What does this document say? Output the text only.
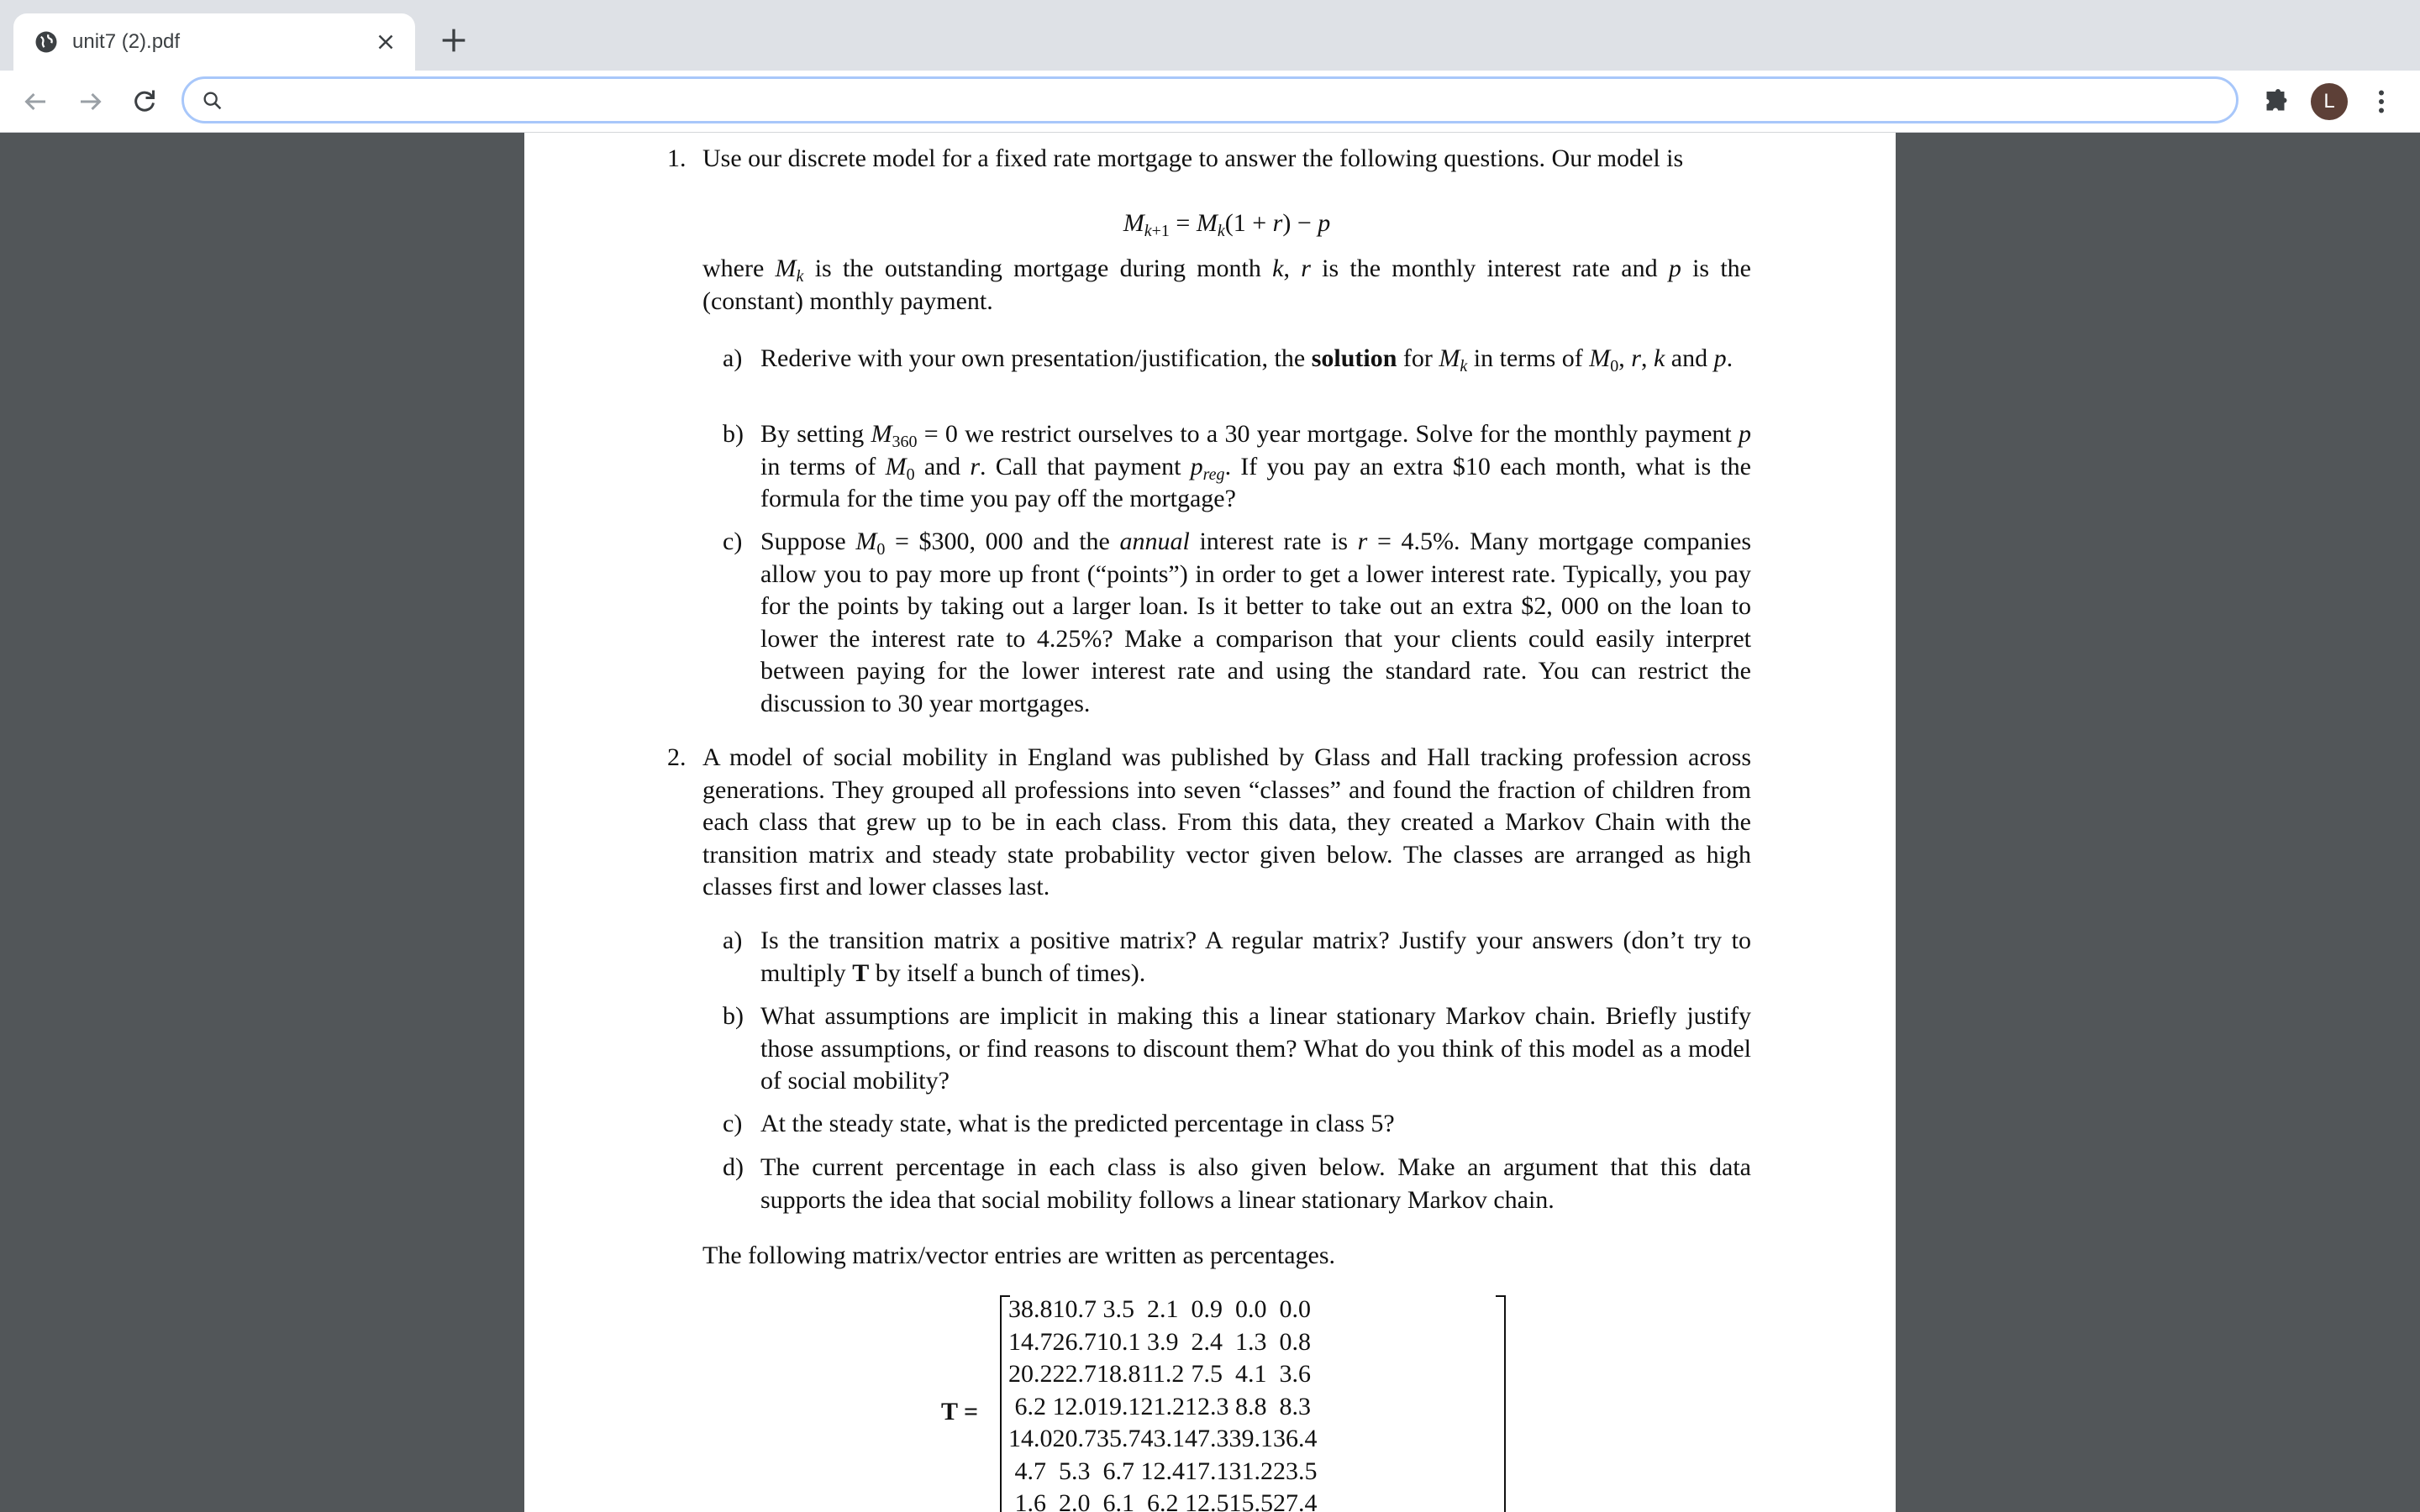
unit7 (2).pdf
L
1. Use our discrete model for a fixed rate mortgage to answer the following questions. Our model is
$M_{k+1} = M_k(1 + r) - p$
where $M_k$ is the outstanding mortgage during month k, r is the monthly interest rate and p is the (constant) monthly payment.
a) Rederive with your own presentation/justification, the solution for $M_k$ in terms of $M_0$, r, k and p.
b) By setting $M_{360} = 0$ we restrict ourselves to a 30 year mortgage. Solve for the monthly payment p in terms of $M_0$ and r. Call that payment $p_{reg}$. If you pay an extra $10 each month, what is the formula for the time you pay off the mortgage?
c) Suppose $M_0$ = $300, 000 and the annual interest rate is r = 4.5%. Many mortgage companies allow you to pay more up front (“points”) in order to get a lower interest rate. Typically, you pay for the points by taking out a larger loan. Is it better to take out an extra $2, 000 on the loan to lower the interest rate to 4.25%? Make a comparison that your clients could easily interpret between paying for the lower interest rate and using the standard rate. You can restrict the discussion to 30 year mortgages.
2. A model of social mobility in England was published by Glass and Hall tracking profession across generations. They grouped all professions into seven “classes” and found the fraction of children from each class that grew up to be in each class. From this data, they created a Markov Chain with the transition matrix and steady state probability vector given below. The classes are arranged as high classes first and lower classes last.
a) Is the transition matrix a positive matrix? A regular matrix? Justify your answers (don’t try to multiply T by itself a bunch of times).
b) What assumptions are implicit in making this a linear stationary Markov chain. Briefly justify those assumptions, or find reasons to discount them? What do you think of this model as a model of social mobility?
c) At the steady state, what is the predicted percentage in class 5?
d) The current percentage in each class is also given below. Make an argument that this data supports the idea that social mobility follows a linear stationary Markov chain.
The following matrix/vector entries are written as percentages.
T =
38.8	10.7	3.5	2.1	0.9	0.0	0.0
14.7	26.7	10.1	3.9	2.4	1.3	0.8
20.2	22.7	18.8	11.2	7.5	4.1	3.6
6.2	12.0	19.1	21.2	12.3	8.8	8.3
14.0	20.7	35.7	43.1	47.3	39.1	36.4
4.7	5.3	6.7	12.4	17.1	31.2	23.5
1.6	2.0	6.1	6.2	12.5	15.5	27.4
